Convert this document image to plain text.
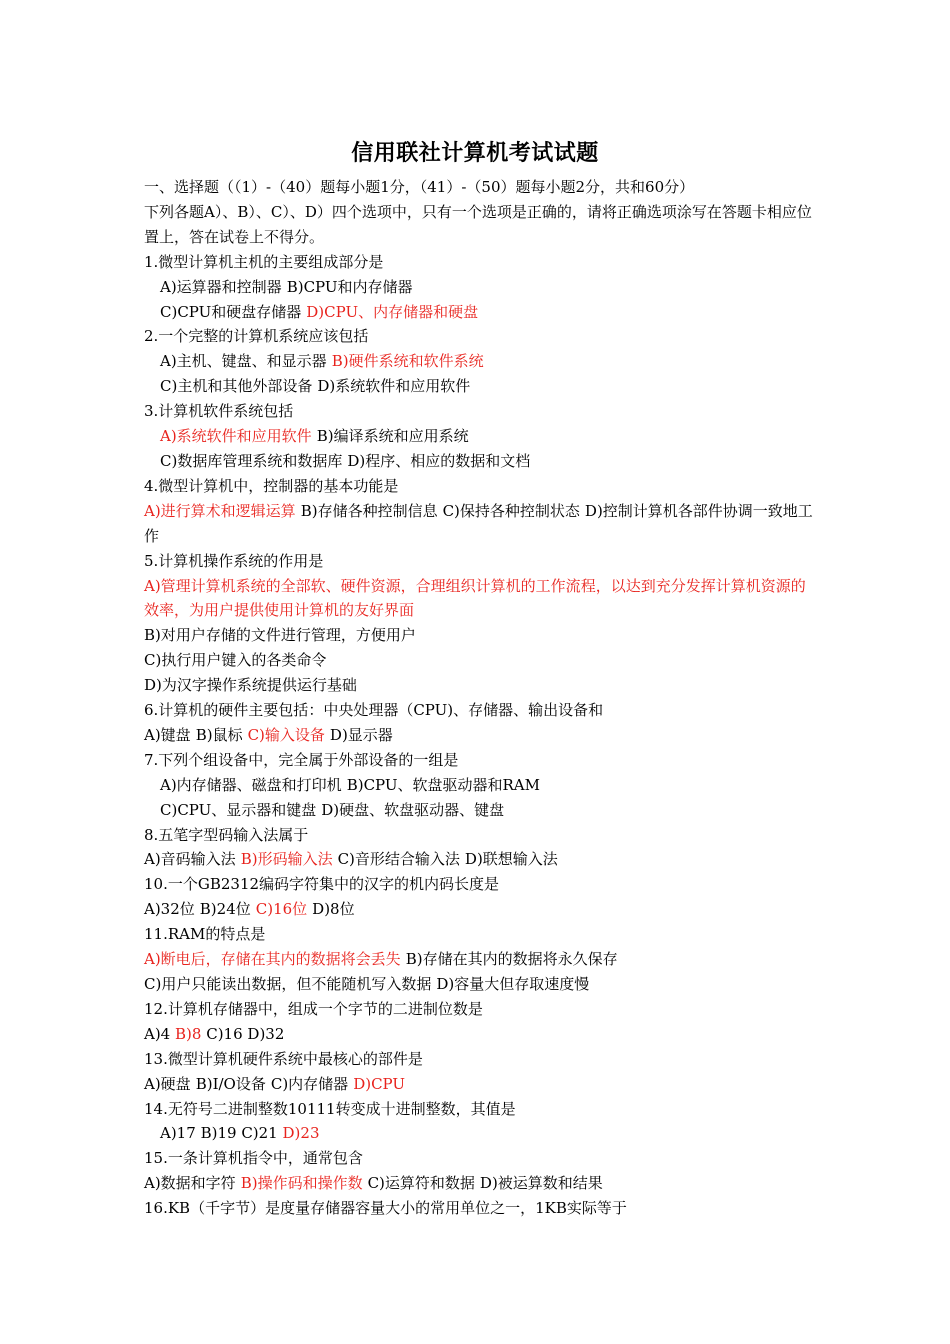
信用联社计算机考试试题
一、选择题（（1）-（40）题每小题1分，（41）-（50）题每小题2分，共和60分）
下列各题A）、B）、C）、D）四个选项中，只有一个选项是正确的，请将正确选项涂写在答题卡相应位置上，答在试卷上不得分。
1.微型计算机主机的主要组成部分是
A)运算器和控制器 B)CPU和内存储器
C)CPU和硬盘存储器 D)CPU、内存储器和硬盘
2.一个完整的计算机系统应该包括
A)主机、键盘、和显示器 B)硬件系统和软件系统
C)主机和其他外部设备 D)系统软件和应用软件
3.计算机软件系统包括
A)系统软件和应用软件 B)编译系统和应用系统
C)数据库管理系统和数据库 D)程序、相应的数据和文档
4.微型计算机中，控制器的基本功能是
A)进行算术和逻辑运算 B)存储各种控制信息 C)保持各种控制状态 D)控制计算机各部件协调一致地工作
5.计算机操作系统的作用是
A)管理计算机系统的全部软、硬件资源，合理组织计算机的工作流程，以达到充分发挥计算机资源的效率，为用户提供使用计算机的友好界面
B)对用户存储的文件进行管理，方便用户
C)执行用户键入的各类命令
D)为汉字操作系统提供运行基础
6.计算机的硬件主要包括：中央处理器（CPU)、存储器、输出设备和
A)键盘 B)鼠标 C)输入设备 D)显示器
7.下列个组设备中，完全属于外部设备的一组是
A)内存储器、磁盘和打印机 B)CPU、软盘驱动器和RAM
C)CPU、显示器和键盘 D)硬盘、软盘驱动器、键盘
8.五笔字型码输入法属于
A)音码输入法 B)形码输入法 C)音形结合输入法 D)联想输入法
10.一个GB2312编码字符集中的汉字的机内码长度是
A)32位 B)24位 C)16位 D)8位
11.RAM的特点是
A)断电后，存储在其内的数据将会丢失 B)存储在其内的数据将永久保存
C)用户只能读出数据，但不能随机写入数据 D)容量大但存取速度慢
12.计算机存储器中，组成一个字节的二进制位数是
A)4 B)8 C)16 D)32
13.微型计算机硬件系统中最核心的部件是
A)硬盘 B)I/O设备 C)内存储器 D)CPU
14.无符号二进制整数10111转变成十进制整数，其值是
A)17 B)19 C)21 D)23
15.一条计算机指令中，通常包含
A)数据和字符 B)操作码和操作数 C)运算符和数据 D)被运算数和结果
16.KB（千字节）是度量存储器容量大小的常用单位之一，1KB实际等于
